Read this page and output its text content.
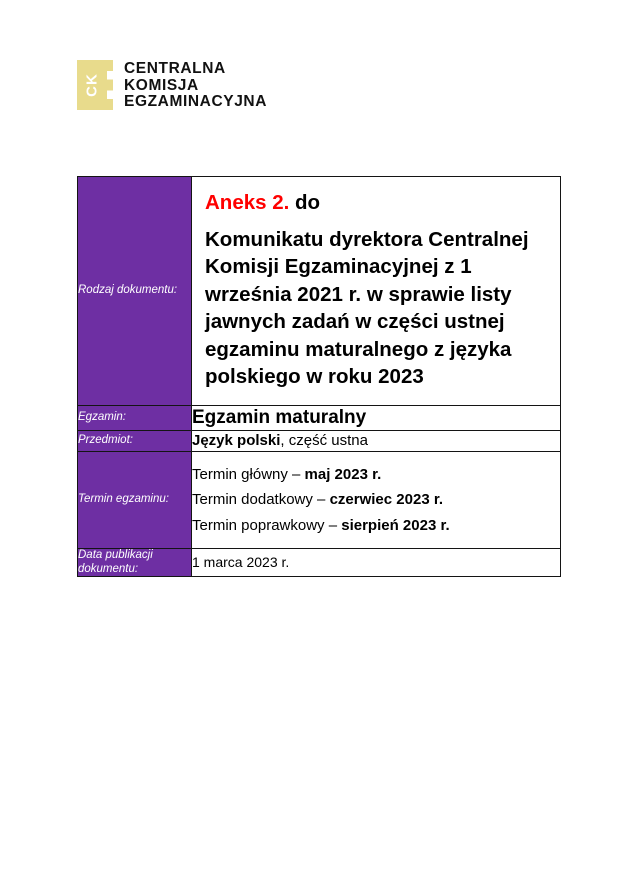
CK
CENTRALNA
KOMISJA
EGZAMINACYJNA
Rodzaj dokumentu:	Aneks 2. do
Komunikatu dyrektora Centralnej Komisji Egzaminacyjnej z 1 września 2021 r. w sprawie listy jawnych zadań w części ustnej egzaminu maturalnego z języka polskiego w roku 2023

Egzamin:	Egzamin maturalny

Przedmiot:	Język polski, część ustna

Termin egzaminu:	Termin główny – maj 2023 r.
Termin dodatkowy – czerwiec 2023 r.
Termin poprawkowy – sierpień 2023 r.

Data publikacji
dokumentu:	1 marca 2023 r.
